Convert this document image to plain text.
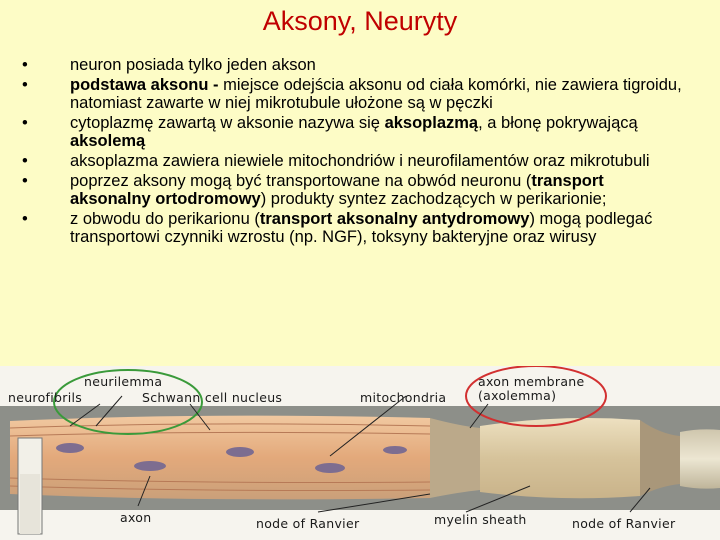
Aksony, Neuryty
•	neuron posiada tylko jeden akson
•	podstawa aksonu - miejsce odejścia aksonu od ciała komórki, nie zawiera tigroidu, natomiast zawarte w niej mikrotubule ułożone są w pęczki
•	cytoplazmę zawartą w aksonie nazywa się aksoplazmą, a błonę pokrywającą aksolemą
•	aksoplazma zawiera niewiele mitochondriów i neurofilamentów oraz mikrotubuli
•	poprzez aksony mogą być transportowane na obwód neuronu (transport aksonalny ortodromowy) produkty syntez zachodzących w perikarionie;
•	z obwodu do perikarionu (transport aksonalny antydromowy) mogą podlegać transportowi czynniki wzrostu (np. NGF), toksyny bakteryjne oraz wirusy
neurilemma
neurofibrils	Schwann cell nucleus	mitochondria
axon membrane
(axolemma)
axon	node of Ranvier	myelin sheath	node of Ranvier
